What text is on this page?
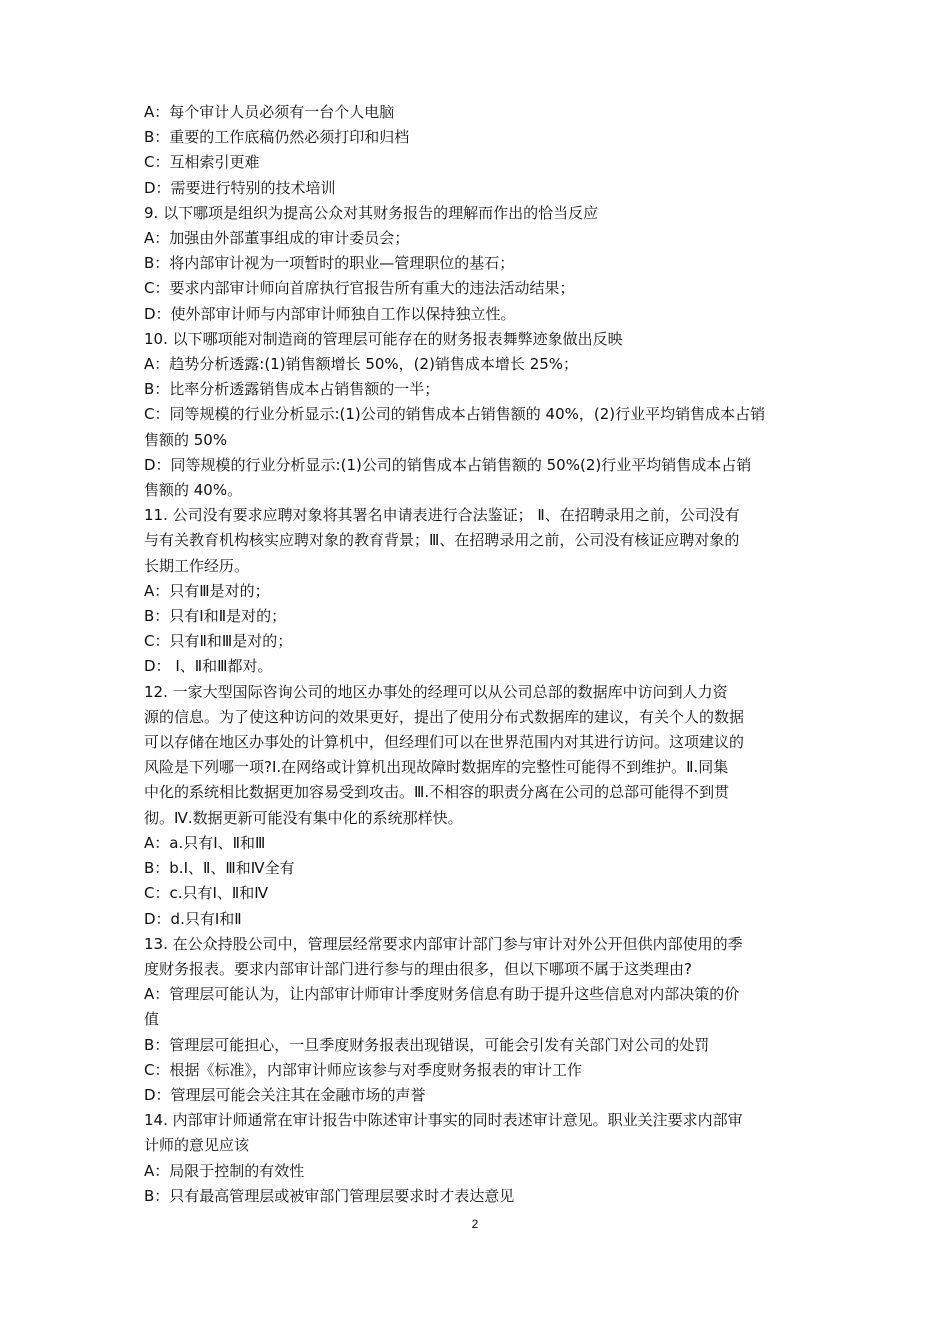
A：每个审计人员必须有一台个人电脑
B：重要的工作底稿仍然必须打印和归档
C：互相索引更难
D：需要进行特别的技术培训
9. 以下哪项是组织为提高公众对其财务报告的理解而作出的恰当反应
A：加强由外部董事组成的审计委员会；
B：将内部审计视为一项暂时的职业—管理职位的基石；
C：要求内部审计师向首席执行官报告所有重大的违法活动结果；
D：使外部审计师与内部审计师独自工作以保持独立性。
10. 以下哪项能对制造商的管理层可能存在的财务报表舞弊迹象做出反映
A：趋势分析透露:(1)销售额增长 50%，(2)销售成本增长 25%；
B：比率分析透露销售成本占销售额的一半；
C：同等规模的行业分析显示:(1)公司的销售成本占销售额的 40%，(2)行业平均销售成本占销
售额的 50%
D：同等规模的行业分析显示:(1)公司的销售成本占销售额的 50%(2)行业平均销售成本占销
售额的 40%。
11. 公司没有要求应聘对象将其署名申请表进行合法鉴证； Ⅱ、在招聘录用之前，公司没有
与有关教育机构核实应聘对象的教育背景；Ⅲ、在招聘录用之前，公司没有核证应聘对象的
长期工作经历。
A：只有Ⅲ是对的；
B：只有Ⅰ和Ⅱ是对的；
C：只有Ⅱ和Ⅲ是对的；
D： Ⅰ、Ⅱ和Ⅲ都对。
12. 一家大型国际咨询公司的地区办事处的经理可以从公司总部的数据库中访问到人力资
源的信息。为了使这种访问的效果更好，提出了使用分布式数据库的建议，有关个人的数据
可以存储在地区办事处的计算机中，但经理们可以在世界范围内对其进行访问。这项建议的
风险是下列哪一项?Ⅰ.在网络或计算机出现故障时数据库的完整性可能得不到维护。Ⅱ.同集
中化的系统相比数据更加容易受到攻击。Ⅲ.不相容的职责分离在公司的总部可能得不到贯
彻。Ⅳ.数据更新可能没有集中化的系统那样快。
A：a.只有Ⅰ、Ⅱ和Ⅲ
B：b.Ⅰ、Ⅱ、Ⅲ和Ⅳ全有
C：c.只有Ⅰ、Ⅱ和Ⅳ
D：d.只有Ⅰ和Ⅱ
13. 在公众持股公司中，管理层经常要求内部审计部门参与审计对外公开但供内部使用的季
度财务报表。要求内部审计部门进行参与的理由很多，但以下哪项不属于这类理由?
A：管理层可能认为，让内部审计师审计季度财务信息有助于提升这些信息对内部决策的价
值
B：管理层可能担心，一旦季度财务报表出现错误，可能会引发有关部门对公司的处罚
C：根据《标准》，内部审计师应该参与对季度财务报表的审计工作
D：管理层可能会关注其在金融市场的声誉
14. 内部审计师通常在审计报告中陈述审计事实的同时表述审计意见。职业关注要求内部审
计师的意见应该
A：局限于控制的有效性
B：只有最高管理层或被审部门管理层要求时才表达意见
2
